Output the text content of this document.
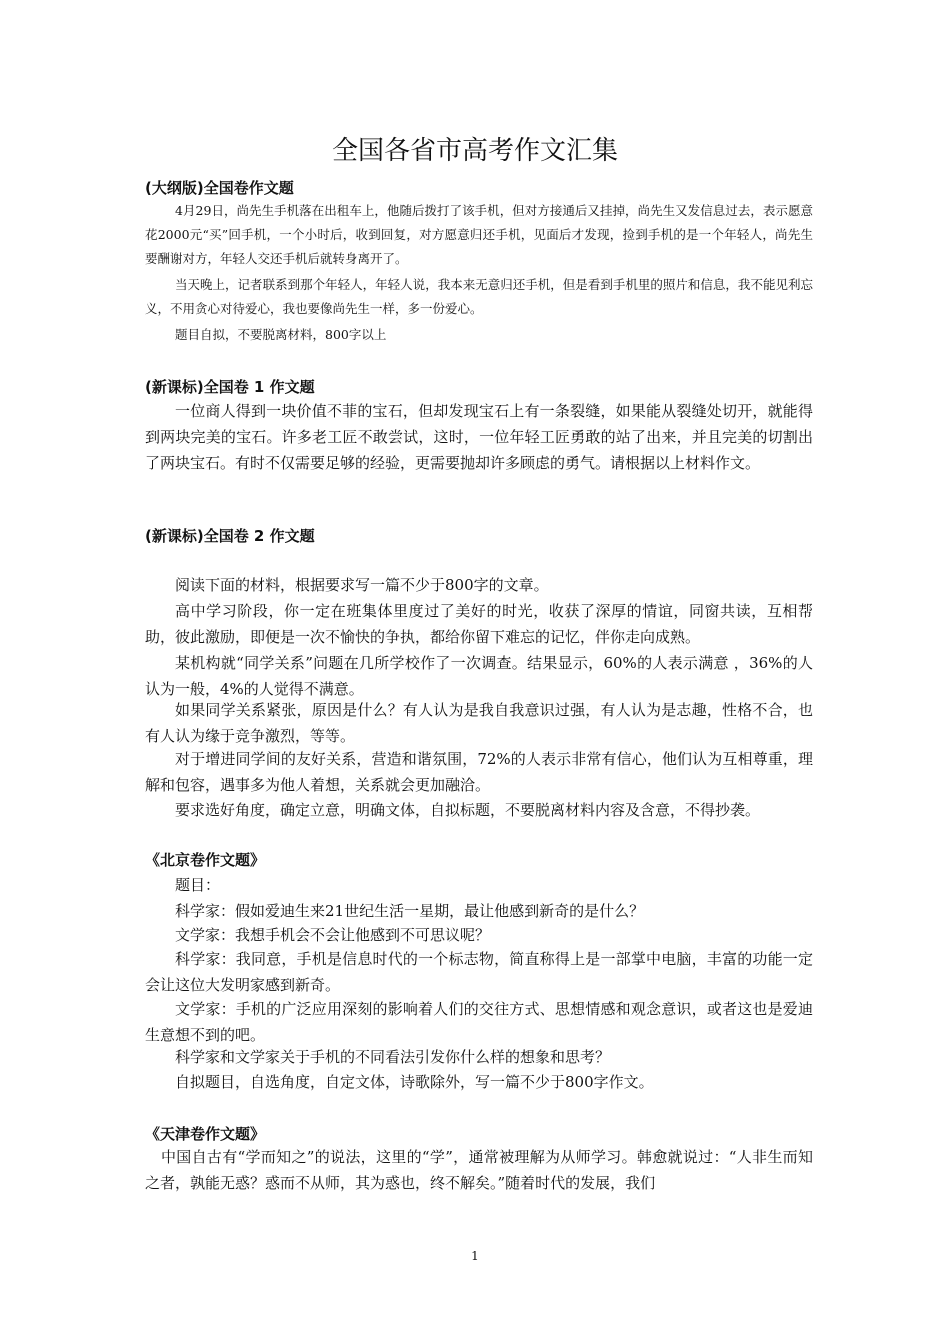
全国各省市高考作文汇集
(大纲版)全国卷作文题
4月29日，尚先生手机落在出租车上，他随后拨打了该手机，但对方接通后又挂掉，尚先生又发信息过去，表示愿意花2000元“买”回手机，一个小时后，收到回复，对方愿意归还手机，见面后才发现，捡到手机的是一个年轻人，尚先生要酬谢对方，年轻人交还手机后就转身离开了。
当天晚上，记者联系到那个年轻人，年轻人说，我本来无意归还手机，但是看到手机里的照片和信息，我不能见利忘义，不用贪心对待爱心，我也要像尚先生一样，多一份爱心。
题目自拟，不要脱离材料，800字以上
(新课标)全国卷 1 作文题
一位商人得到一块价值不菲的宝石，但却发现宝石上有一条裂缝，如果能从裂缝处切开，就能得到两块完美的宝石。许多老工匠不敢尝试，这时，一位年轻工匠勇敢的站了出来，并且完美的切割出了两块宝石。有时不仅需要足够的经验，更需要抛却许多顾虑的勇气。请根据以上材料作文。
(新课标)全国卷 2 作文题
阅读下面的材料，根据要求写一篇不少于800字的文章。
高中学习阶段，你一定在班集体里度过了美好的时光，收获了深厚的情谊，同窗共读，互相帮助，彼此激励，即便是一次不愉快的争执，都给你留下难忘的记忆，伴你走向成熟。
某机构就“同学关系”问题在几所学校作了一次调查。结果显示，60%的人表示满意 ，36%的人认为一般，4%的人觉得不满意。
如果同学关系紧张，原因是什么？有人认为是我自我意识过强，有人认为是志趣，性格不合，也有人认为缘于竞争激烈，等等。
对于增进同学间的友好关系，营造和谐氛围，72%的人表示非常有信心，他们认为互相尊重，理解和包容，遇事多为他人着想，关系就会更加融洽。
要求选好角度，确定立意，明确文体，自拟标题，不要脱离材料内容及含意，不得抄袭。
《北京卷作文题》
题目：
科学家：假如爱迪生来21世纪生活一星期，最让他感到新奇的是什么？
文学家：我想手机会不会让他感到不可思议呢？
科学家：我同意，手机是信息时代的一个标志物，简直称得上是一部掌中电脑，丰富的功能一定会让这位大发明家感到新奇。
文学家：手机的广泛应用深刻的影响着人们的交往方式、思想情感和观念意识，或者这也是爱迪生意想不到的吧。
科学家和文学家关于手机的不同看法引发你什么样的想象和思考？
自拟题目，自选角度，自定文体，诗歌除外，写一篇不少于800字作文。
《天津卷作文题》
中国自古有“学而知之”的说法，这里的“学”，通常被理解为从师学习。韩愈就说过：“人非生而知之者，孰能无惑？惑而不从师，其为惑也，终不解矣。”随着时代的发展，我们
1
